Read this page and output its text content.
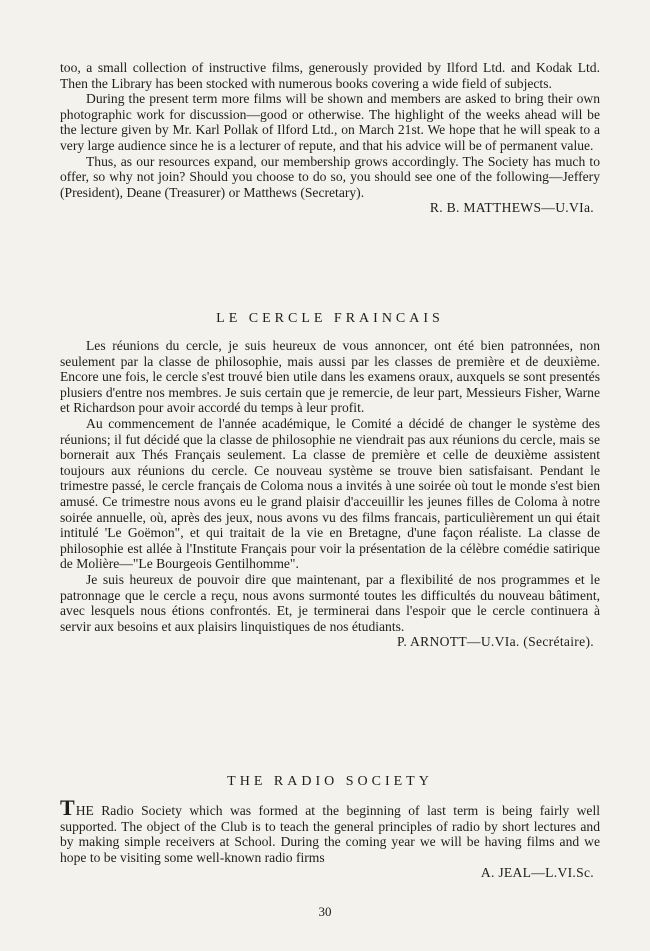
too, a small collection of instructive films, generously provided by Ilford Ltd. and Kodak Ltd. Then the Library has been stocked with numerous books covering a wide field of subjects.

During the present term more films will be shown and members are asked to bring their own photographic work for discussion—good or otherwise. The highlight of the weeks ahead will be the lecture given by Mr. Karl Pollak of Ilford Ltd., on March 21st. We hope that he will speak to a very large audience since he is a lecturer of repute, and that his advice will be of permanent value.

Thus, as our resources expand, our membership grows accordingly. The Society has much to offer, so why not join? Should you choose to do so, you should see one of the following—Jeffery (President), Deane (Treasurer) or Matthews (Secretary).

R. B. MATTHEWS—U.VIa.
LE CERCLE FRAINCAIS

Les réunions du cercle, je suis heureux de vous annoncer, ont été bien patronnées, non seulement par la classe de philosophie, mais aussi par les classes de première et de deuxième. Encore une fois, le cercle s'est trouvé bien utile dans les examens oraux, auxquels se sont presentés plusiers d'entre nos membres. Je suis certain que je remercie, de leur part, Messieurs Fisher, Warne et Richardson pour avoir accordé du temps à leur profit.

Au commencement de l'année académique, le Comité a décidé de changer le système des réunions; il fut décidé que la classe de philosophie ne viendrait pas aux réunions du cercle, mais se bornerait aux Thés Français seulement. La classe de première et celle de deuxième assistent toujours aux réunions du cercle. Ce nouveau système se trouve bien satisfaisant. Pendant le trimestre passé, le cercle français de Coloma nous a invités à une soirée où tout le monde s'est bien amusé. Ce trimestre nous avons eu le grand plaisir d'acceuillir les jeunes filles de Coloma à notre soirée annuelle, où, après des jeux, nous avons vu des films francais, particulièrement un qui était intitulé 'Le Goëmon", et qui traitait de la vie en Bretagne, d'une façon réaliste. La classe de philosophie est allée à l'Institute Français pour voir la présentation de la célèbre comédie satirique de Molière—"Le Bourgeois Gentilhomme".

Je suis heureux de pouvoir dire que maintenant, par a flexibilité de nos programmes et le patronnage que le cercle a reçu, nous avons surmonté toutes les difficultés du nouveau bâtiment, avec lesquels nous étions confrontés. Et, je terminerai dans l'espoir que le cercle continuera à servir aux besoins et aux plaisirs linquistiques de nos étudiants.

P. ARNOTT—U.VIa. (Secrétaire).
THE RADIO SOCIETY

THE Radio Society which was formed at the beginning of last term is being fairly well supported. The object of the Club is to teach the general principles of radio by short lectures and by making simple receivers at School. During the coming year we will be having films and we hope to be visiting some well-known radio firms

A. JEAL—L.VI.Sc.
30
